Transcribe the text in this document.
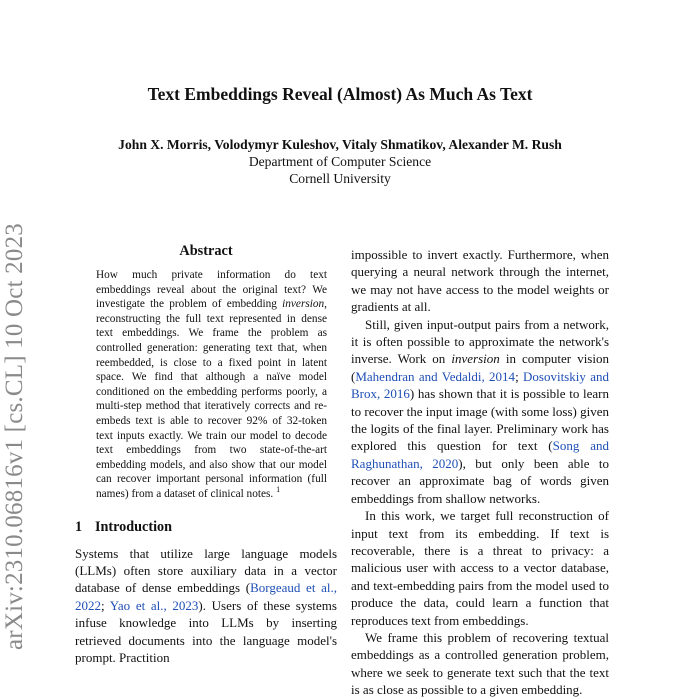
arXiv:2310.06816v1 [cs.CL] 10 Oct 2023
Text Embeddings Reveal (Almost) As Much As Text
John X. Morris, Volodymyr Kuleshov, Vitaly Shmatikov, Alexander M. Rush
Department of Computer Science
Cornell University
Abstract

How much private information do text embeddings reveal about the original text? We investigate the problem of embedding inversion, reconstructing the full text represented in dense text embeddings. We frame the problem as controlled generation: generating text that, when reembedded, is close to a fixed point in latent space. We find that although a naïve model conditioned on the embedding performs poorly, a multi-step method that iteratively corrects and re-embeds text is able to recover 92% of 32-token text inputs exactly. We train our model to decode text embeddings from two state-of-the-art embedding models, and also show that our model can recover important personal information (full names) from a dataset of clinical notes. $^1$

1 Introduction

Systems that utilize large language models (LLMs) often store auxiliary data in a vector database of dense embeddings (Borgeaud et al., 2022; Yao et al., 2023). Users of these systems infuse knowledge into LLMs by inserting retrieved documents into the language model's prompt. Practition

impossible to invert exactly. Furthermore, when querying a neural network through the internet, we may not have access to the model weights or gradients at all.

Still, given input-output pairs from a network, it is often possible to approximate the network's inverse. Work on inversion in computer vision (Mahendran and Vedaldi, 2014; Dosovitskiy and Brox, 2016) has shown that it is possible to learn to recover the input image (with some loss) given the logits of the final layer. Preliminary work has explored this question for text (Song and Raghunathan, 2020), but only been able to recover an approximate bag of words given embeddings from shallow networks.

In this work, we target full reconstruction of input text from its embedding. If text is recoverable, there is a threat to privacy: a malicious user with access to a vector database, and text-embedding pairs from the model used to produce the data, could learn a function that reproduces text from embeddings.

We frame this problem of recovering textual embeddings as a controlled generation problem, where we seek to generate text such that the text is as close as possible to a given embedding.
